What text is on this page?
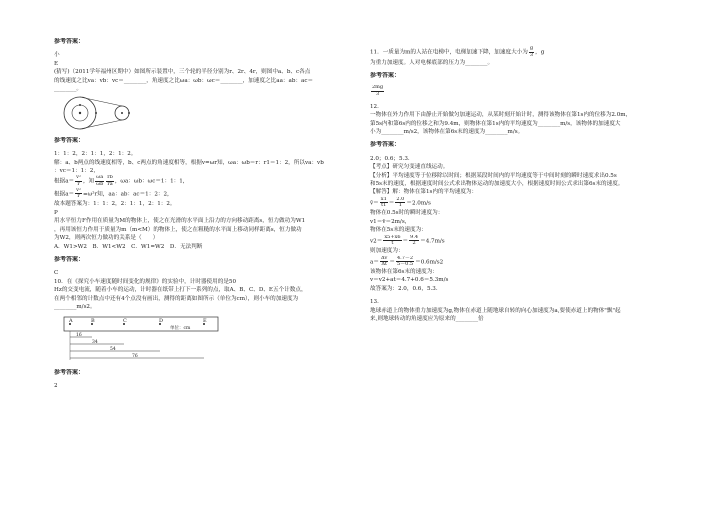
参考答案：

小

E

(猜写)（2011学年福州区期中）如图所示装置中，三个轮的半径分别为r、2r、4r，则图中a、b、c各点

的线速度之比va：vb：vc＝________，角速度之比ωa：ωb：ωc＝________，加速度之比aa：ab：ac＝

________。

参考答案：

1：1：2，2：1：1，2：1：2。

解：a、b两点的线速度相等，b、c两点的角速度相等，根据v=ωr知，ωa：ωb＝r：r1＝1：2，所以va：vb

：vc＝1：1：2，

根据$a= \frac{\text{v²}}{r}$ ，知 $\frac{\omega a}{\omega b} \frac{rb}{ra}$ ，ωa：ωb：ωc＝1：1：1，

根据$a= \frac{\text{v²}}{r} =\omega^2r$知，aa：ab：ac＝1：2：2，

故本题答案为：1：1：2，2：1：1，2：1：2。

P

用水平恒力F作用在质量为M的物体上，使之在光滑的水平面上沿力的方向移动距离s，恒力做功为W1

，再用该恒力作用于质量为m（m<M）的物体上，使之在粗糙的水平面上移动同样距离s，恒力做功

为W2，则两次恒力做功的关系是（　　）

A．W1>W2　B．W1<W2　C．W1=W2　D．无法判断

参考答案：

C

10．在《探究小车速度随时间变化的规律》的实验中，计时器使用的是50

Hz的交变电流，随着小车的运动，计时器在纸带上打下一系列的点，取A、B、C、D、E五个计数点，

在两个相邻的计数点中还有4个点没有画出，测得的距离如图所示（单位为cm），则小车的加速度为

________m/s2。

A	B	C	D	E
单位：cm
16
34
54
76

参考答案：

2

11．一质量为m的人站在电梯中，电梯加速下降，加速度大小为 $\frac{g}{3}$ ，g

为重力加速度。人对电梯底部的压力为________。

参考答案：

$\frac{2mg}{3}$

12．

一物体在外力作用下由静止开始做匀加速运动，从某时刻开始计时，测得该物体在第1s内的位移为2.0m，

第5s内和第6s内的位移之和为9.4m，则物体在第1s内的平均速度为________m/s，该物体的加速度大

小为________m/s2，该物体在第6s末的速度为________m/s。

参考答案：

2.0；0.6；5.3.

【考点】研究匀变速直线运动。

【分析】平均速度等于位移除以时间；根据某段时间内的平均速度等于中间时刻的瞬时速度求出0.5s

和5s末的速度，根据速度时间公式求出物体运动的加速度大小，根据速度时间公式求出第6s末的速度。

【解答】解：物体在第1s内的平均速度为：

v̄＝ $\frac{x1}{t1} = \frac{2.0}{1} =2.0m/s$

物体在0.5s时的瞬时速度为：

v1＝v̄＝2m/s，

物体在5s末的速度为：

$v2= \frac{x5+x6}{t} = \frac{9.4}{2} =4.7m/s$

则加速度为：

$a= \frac{\Delta v}{\Delta t} = \frac{4.7-2}{5-0.5} =0.6m/s2$

该物体在第6s末的速度为：

v＝v2+at＝4.7+0.6＝5.3m/s

故答案为：2.0，0.6，5.3.

13．

地球赤道上的物体重力加速度为g,物体在赤道上随地球自转的向心加速度为a,要使赤道上的物体"飘"起

来,则地球转动的角速度应为原来的________倍
